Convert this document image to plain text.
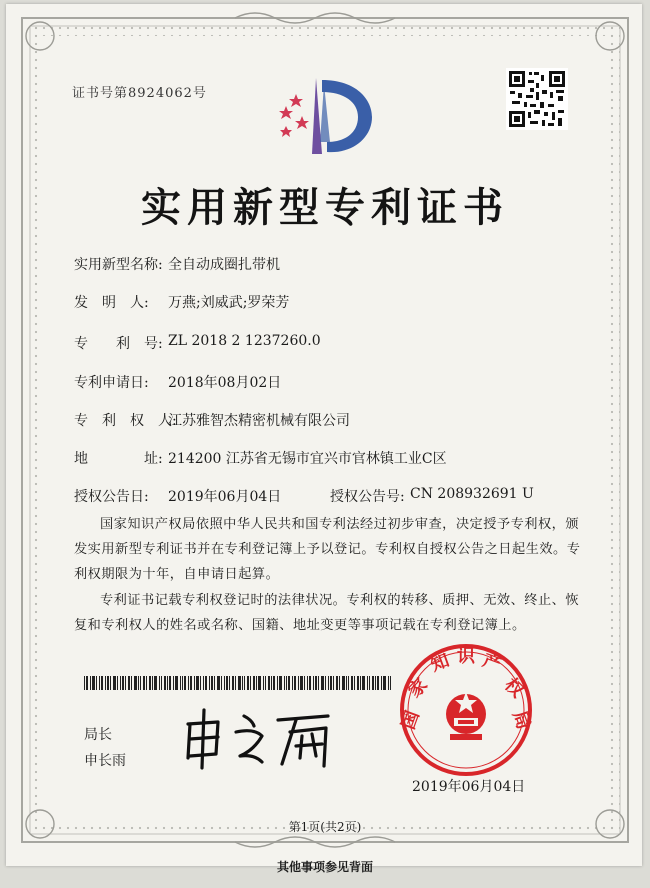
证书号第8924062号
实用新型专利证书
实用新型名称: 全自动成圈扎带机
发　明　人: 万燕;刘威武;罗荣芳
专　　利　号: ZL 2018 2 1237260.0
专利申请日: 2018年08月02日
专　利　权　人:
江苏雅智杰精密机械有限公司
地　　　　址: 214200 江苏省无锡市宜兴市官林镇工业C区
授权公告日: 2019年06月04日	授权公告号: CN 208932691 U
国家知识产权局依照中华人民共和国专利法经过初步审查，决定授予专利权，颁发实用新型专利证书并在专利登记簿上予以登记。专利权自授权公告之日起生效。专利权期限为十年，自申请日起算。
专利证书记载专利权登记时的法律状况。专利权的转移、质押、无效、终止、恢复和专利权人的姓名或名称、国籍、地址变更等事项记载在专利登记簿上。
局长
申长雨
国
家
知 识 产
权
局
2019年06月04日
第1页(共2页)
其他事项参见背面
